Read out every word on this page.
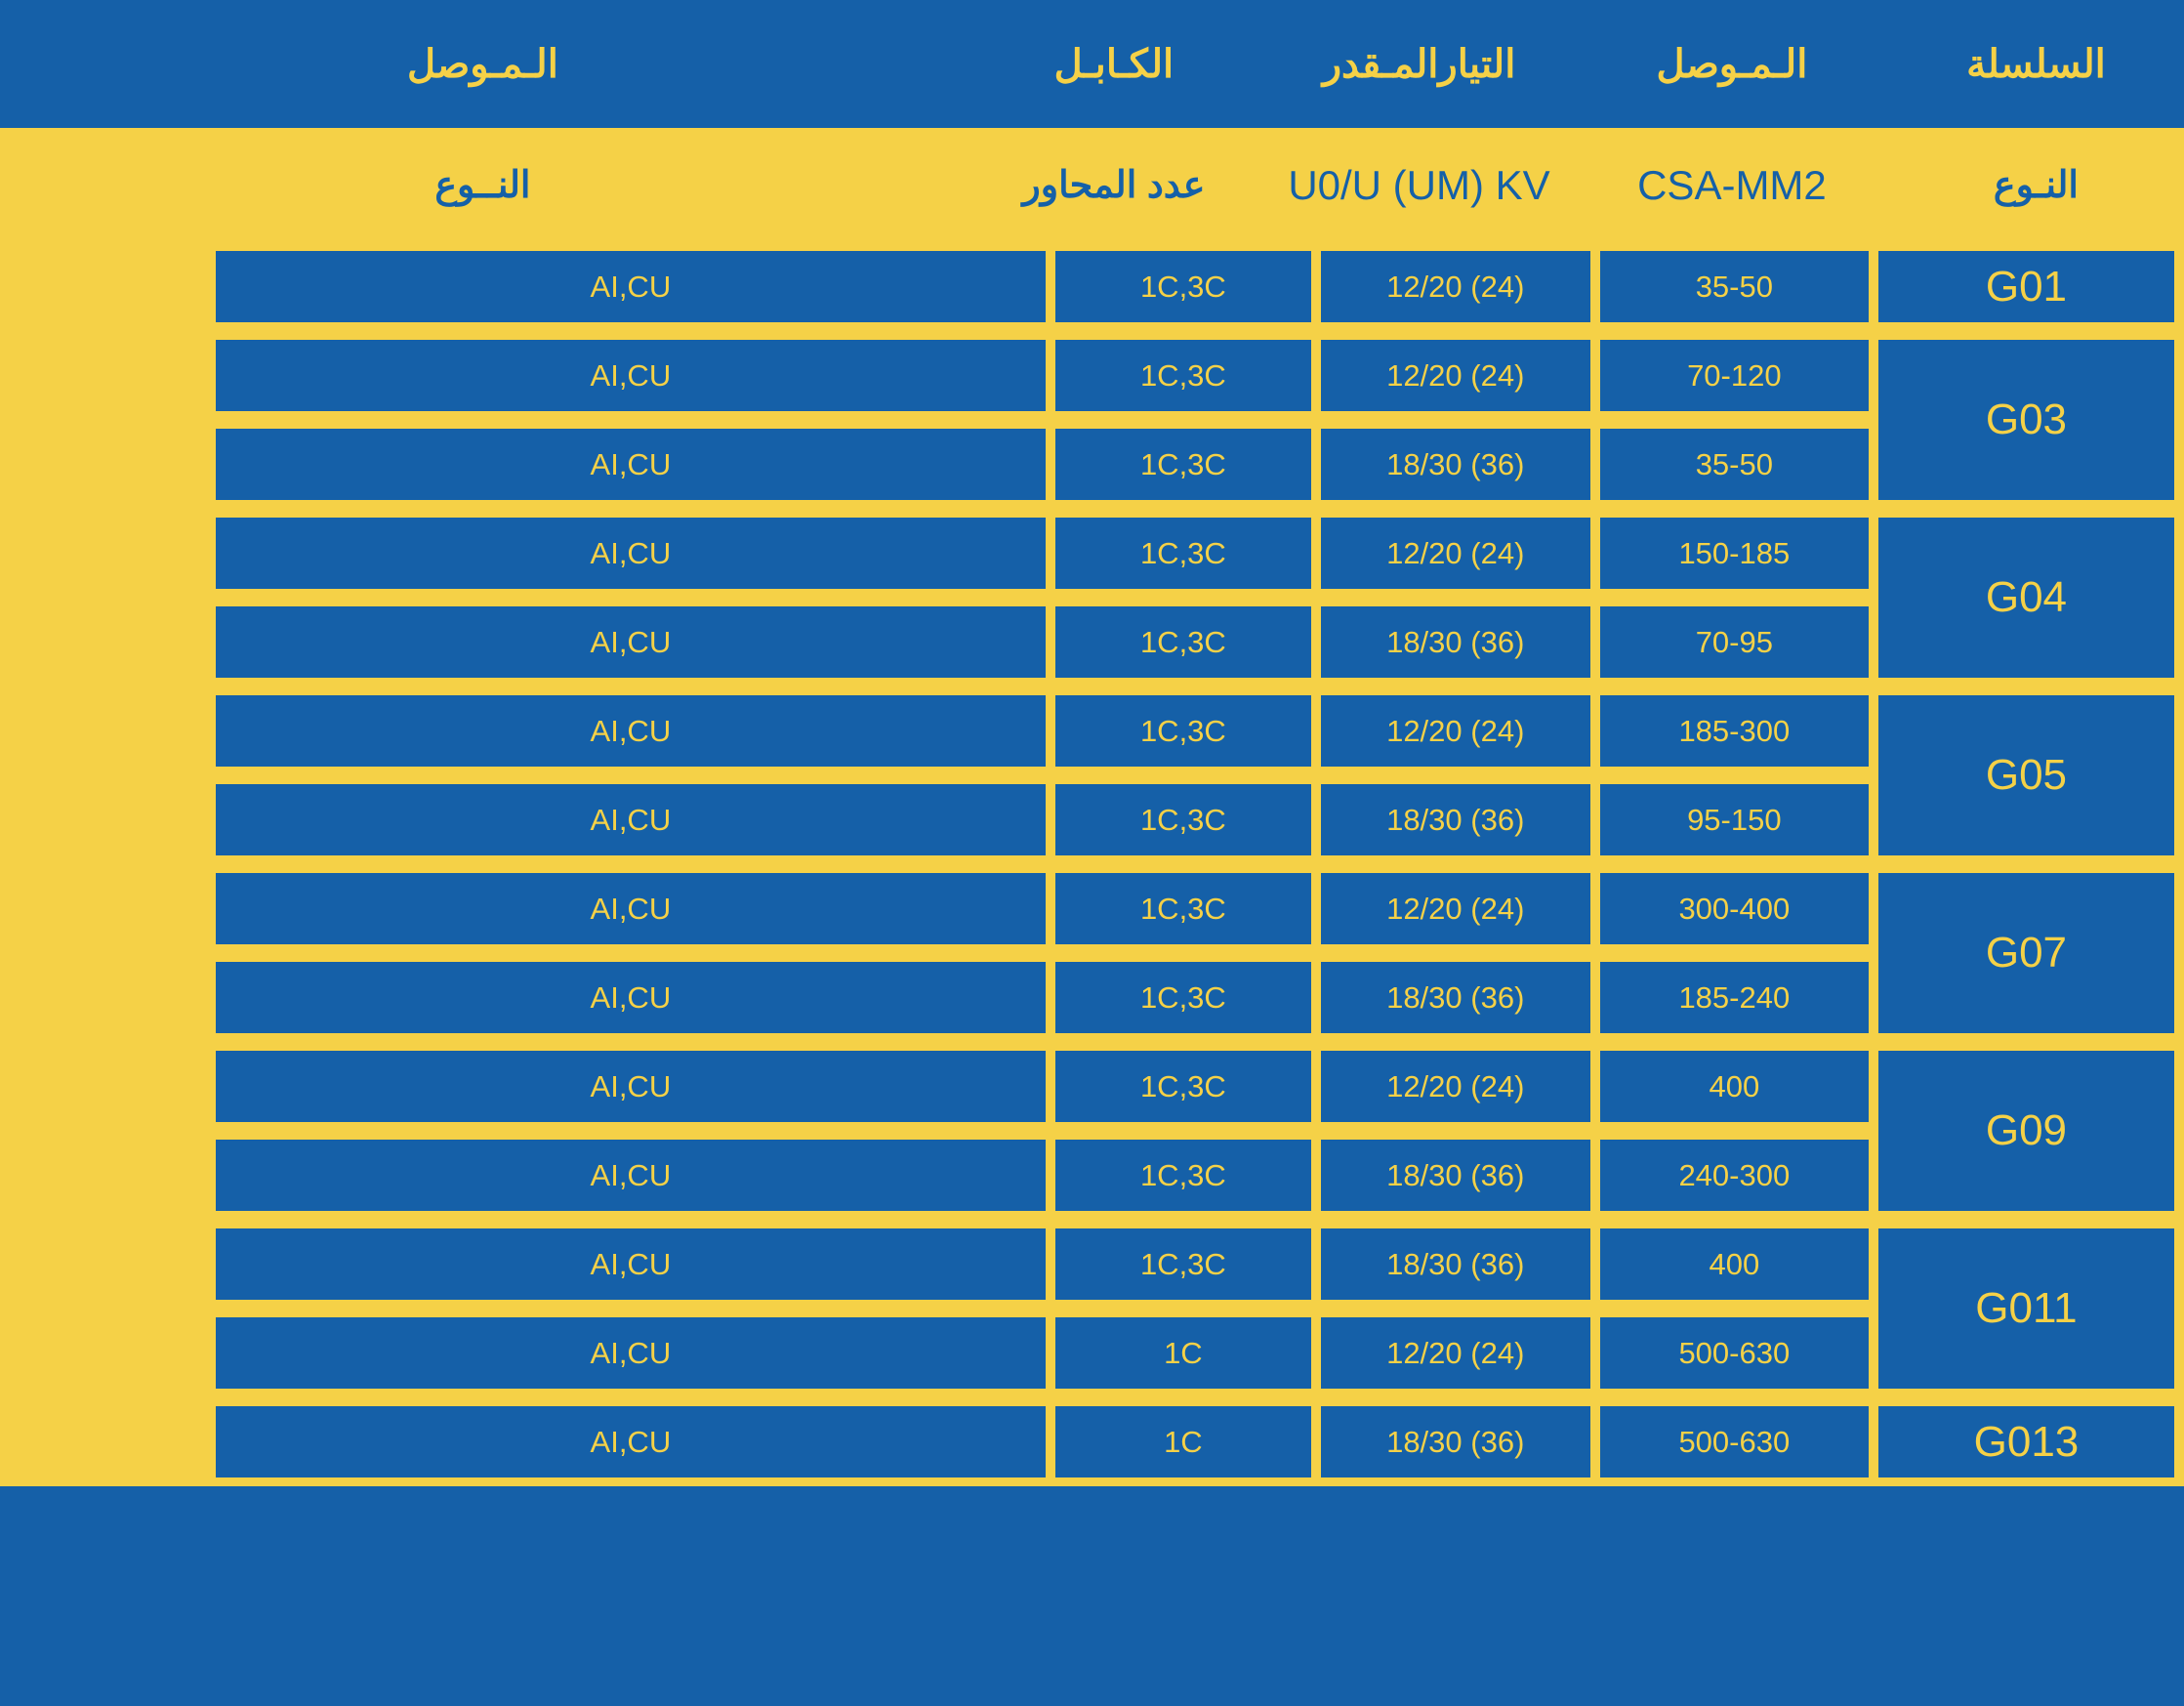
السلسلة
الـمـوصل
التيارالمـقدر
الكـابـل
الـمـوصل
النـوع
CSA-MM2
U0/U (UM) KV
عدد المحاور
النــوع
G01
35-50
12/20 (24)
1C,3C
AI,CU
G03
70-120
12/20 (24)
1C,3C
AI,CU
35-50
18/30 (36)
1C,3C
AI,CU
G04
150-185
12/20 (24)
1C,3C
AI,CU
70-95
18/30 (36)
1C,3C
AI,CU
G05
185-300
12/20 (24)
1C,3C
AI,CU
95-150
18/30 (36)
1C,3C
AI,CU
G07
300-400
12/20 (24)
1C,3C
AI,CU
185-240
18/30 (36)
1C,3C
AI,CU
G09
400
12/20 (24)
1C,3C
AI,CU
240-300
18/30 (36)
1C,3C
AI,CU
G011
400
18/30 (36)
1C,3C
AI,CU
500-630
12/20 (24)
1C
AI,CU
G013
500-630
18/30 (36)
1C
AI,CU
